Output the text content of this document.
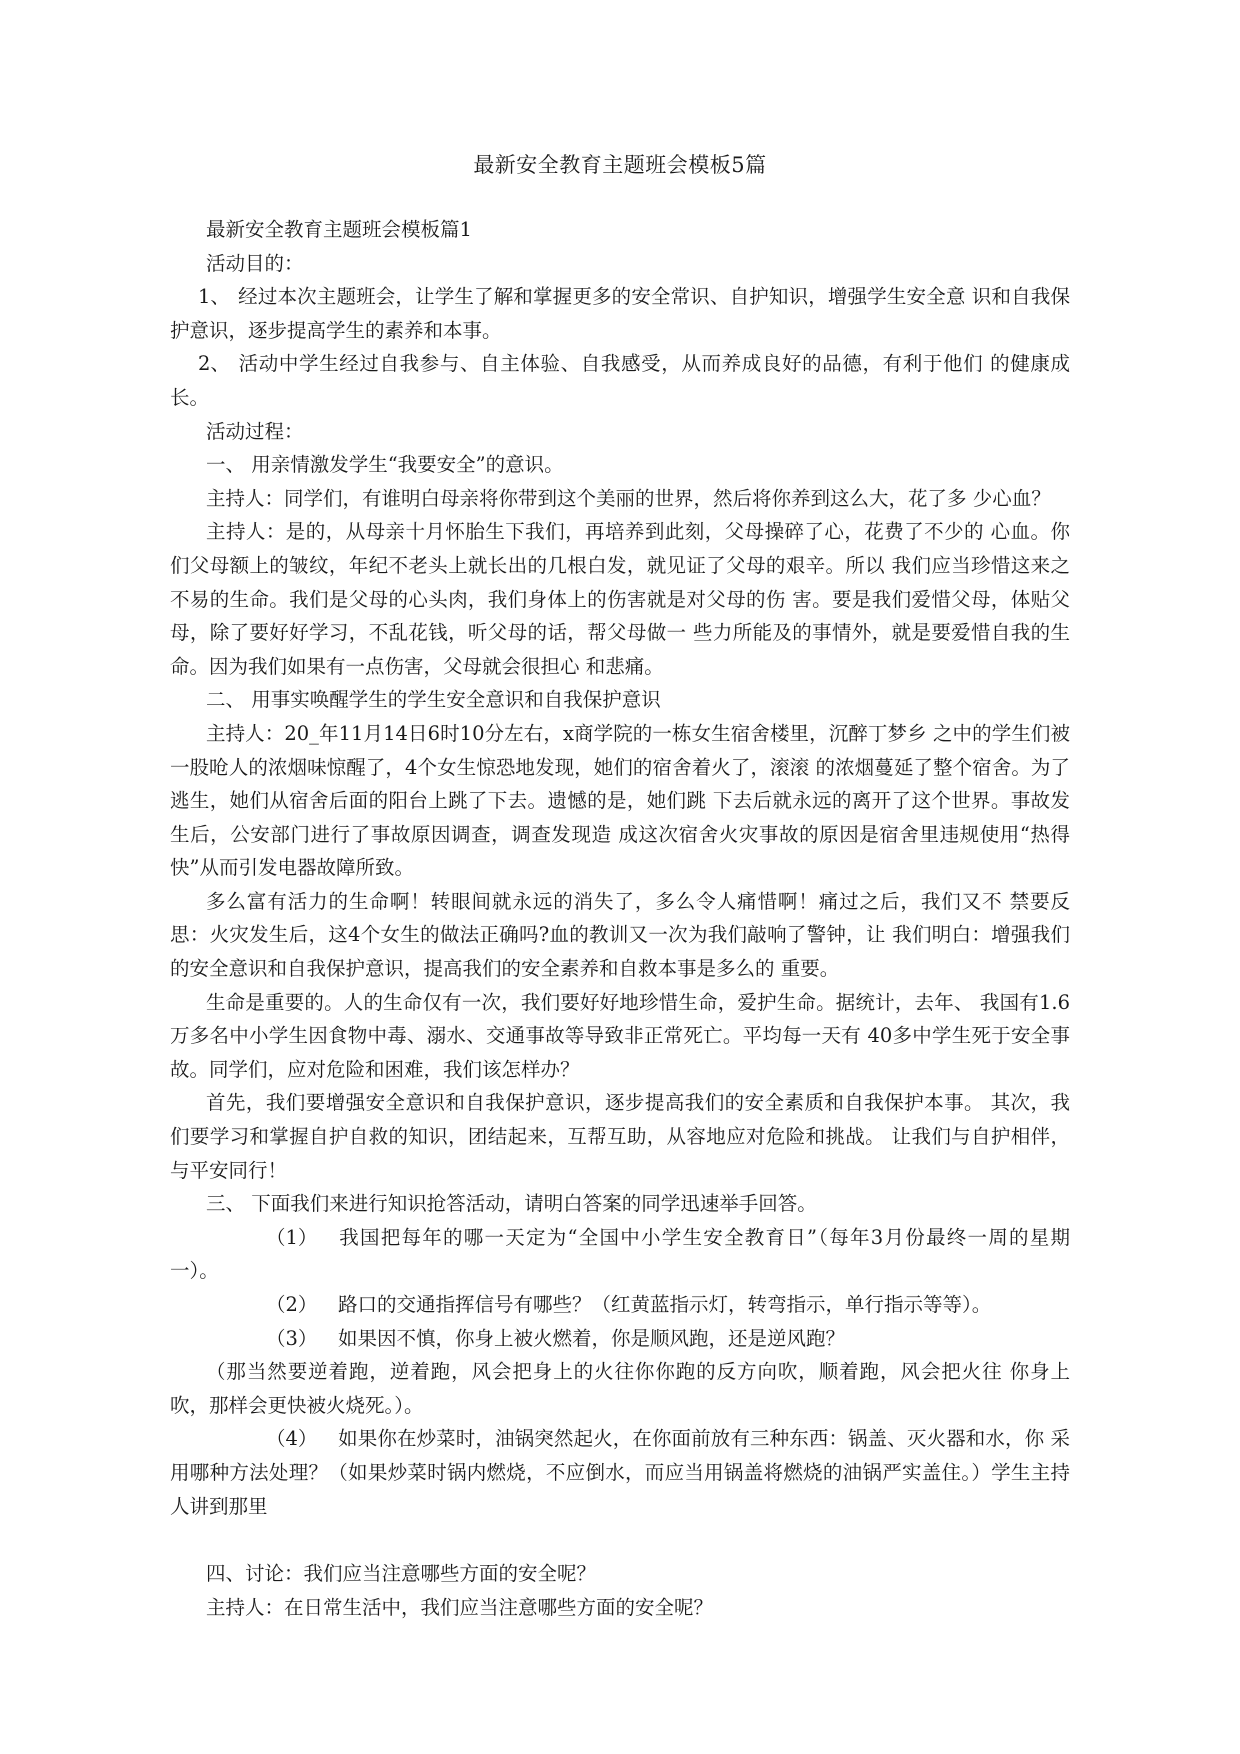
最新安全教育主题班会模板5篇

最新安全教育主题班会模板篇1

活动目的：

1、 经过本次主题班会，让学生了解和掌握更多的安全常识、自护知识，增强学生安全意 识和自我保护意识，逐步提高学生的素养和本事。

2、 活动中学生经过自我参与、自主体验、自我感受，从而养成良好的品德，有利于他们 的健康成长。

活动过程：

一、 用亲情激发学生“我要安全”的意识。

主持人：同学们，有谁明白母亲将你带到这个美丽的世界，然后将你养到这么大，花了多 少心血？

主持人：是的，从母亲十月怀胎生下我们，再培养到此刻，父母操碎了心，花费了不少的 心血。你们父母额上的皱纹，年纪不老头上就长出的几根白发，就见证了父母的艰辛。所以 我们应当珍惜这来之不易的生命。我们是父母的心头肉，我们身体上的伤害就是对父母的伤 害。要是我们爱惜父母，体贴父母，除了要好好学习，不乱花钱，听父母的话，帮父母做一 些力所能及的事情外，就是要爱惜自我的生命。因为我们如果有一点伤害，父母就会很担心 和悲痛。

二、 用事实唤醒学生的学生安全意识和自我保护意识

主持人：20_年11月14日6时10分左右，x商学院的一栋女生宿舍楼里，沉醉丁梦乡 之中的学生们被一股呛人的浓烟味惊醒了，4个女生惊恐地发现，她们的宿舍着火了，滚滚 的浓烟蔓延了整个宿舍。为了逃生，她们从宿舍后面的阳台上跳了下去。遗憾的是，她们跳 下去后就永远的离开了这个世界。事故发生后，公安部门进行了事故原因调查，调查发现造 成这次宿舍火灾事故的原因是宿舍里违规使用“热得快”从而引发电器故障所致。

多么富有活力的生命啊！转眼间就永远的消失了，多么令人痛惜啊！痛过之后，我们又不 禁要反思：火灾发生后，这4个女生的做法正确吗?血的教训又一次为我们敲响了警钟，让 我们明白：增强我们的安全意识和自我保护意识，提高我们的安全素养和自救本事是多么的 重要。

生命是重要的。人的生命仅有一次，我们要好好地珍惜生命，爱护生命。据统计，去年、 我国有1.6万多名中小学生因食物中毒、溺水、交通事故等导致非正常死亡。平均每一天有 40多中学生死于安全事故。同学们，应对危险和困难，我们该怎样办？

首先，我们要增强安全意识和自我保护意识，逐步提高我们的安全素质和自我保护本事。 其次，我们要学习和掌握自护自救的知识，团结起来，互帮互助，从容地应对危险和挑战。 让我们与自护相伴，与平安同行！

三、 下面我们来进行知识抢答活动，请明白答案的同学迅速举手回答。

（1） 我国把每年的哪一天定为“全国中小学生安全教育日”（每年3月份最终一周的星期 一）。

（2） 路口的交通指挥信号有哪些？（红黄蓝指示灯，转弯指示，单行指示等等）。

（3） 如果因不慎，你身上被火燃着，你是顺风跑，还是逆风跑？

（那当然要逆着跑，逆着跑，风会把身上的火往你你跑的反方向吹，顺着跑，风会把火往 你身上吹，那样会更快被火烧死。）。

（4） 如果你在炒菜时，油锅突然起火，在你面前放有三种东西：锅盖、灭火器和水，你 采用哪种方法处理？（如果炒菜时锅内燃烧，不应倒水，而应当用锅盖将燃烧的油锅严实盖住。）学生主持人讲到那里

四、讨论：我们应当注意哪些方面的安全呢？

主持人：在日常生活中，我们应当注意哪些方面的安全呢？
